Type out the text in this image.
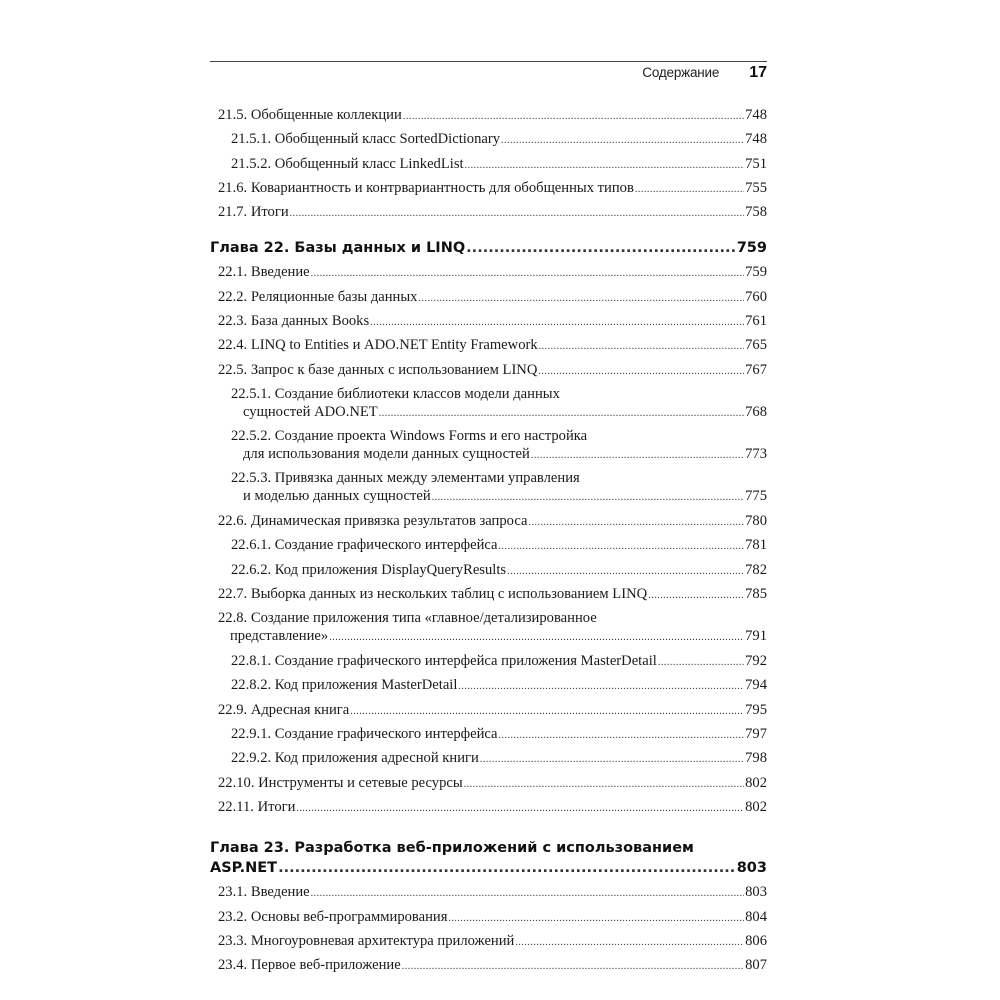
Содержание 17
21.5. Обобщенные коллекции .....	748
21.5.1. Обобщенный класс SortedDictionary .....	748
21.5.2. Обобщенный класс LinkedList .....	751
21.6. Ковариантность и контрвариантность для обобщенных типов .....	755
21.7. Итоги .....	758
Глава 22. Базы данных и LINQ .....	759
22.1. Введение .....	759
22.2. Реляционные базы данных .....	760
22.3. База данных Books .....	761
22.4. LINQ to Entities и ADO.NET Entity Framework .....	765
22.5. Запрос к базе данных с использованием LINQ .....	767
22.5.1. Создание библиотеки классов модели данных
сущностей ADO.NET .....	768
22.5.2. Создание проекта Windows Forms и его настройка
для использования модели данных сущностей .....	773
22.5.3. Привязка данных между элементами управления
и моделью данных сущностей .....	775
22.6. Динамическая привязка результатов запроса .....	780
22.6.1. Создание графического интерфейса .....	781
22.6.2. Код приложения DisplayQueryResults .....	782
22.7. Выборка данных из нескольких таблиц с использованием LINQ .....	785
22.8. Создание приложения типа «главное/детализированное
представление» .....	791
22.8.1. Создание графического интерфейса приложения MasterDetail .....	792
22.8.2. Код приложения MasterDetail .....	794
22.9. Адресная книга .....	795
22.9.1. Создание графического интерфейса .....	797
22.9.2. Код приложения адресной книги .....	798
22.10. Инструменты и сетевые ресурсы .....	802
22.11. Итоги .....	802
Глава 23. Разработка веб-приложений с использованием
ASP.NET .....	803
23.1. Введение .....	803
23.2. Основы веб-программирования .....	804
23.3. Многоуровневая архитектура приложений .....	806
23.4. Первое веб-приложение .....	807
